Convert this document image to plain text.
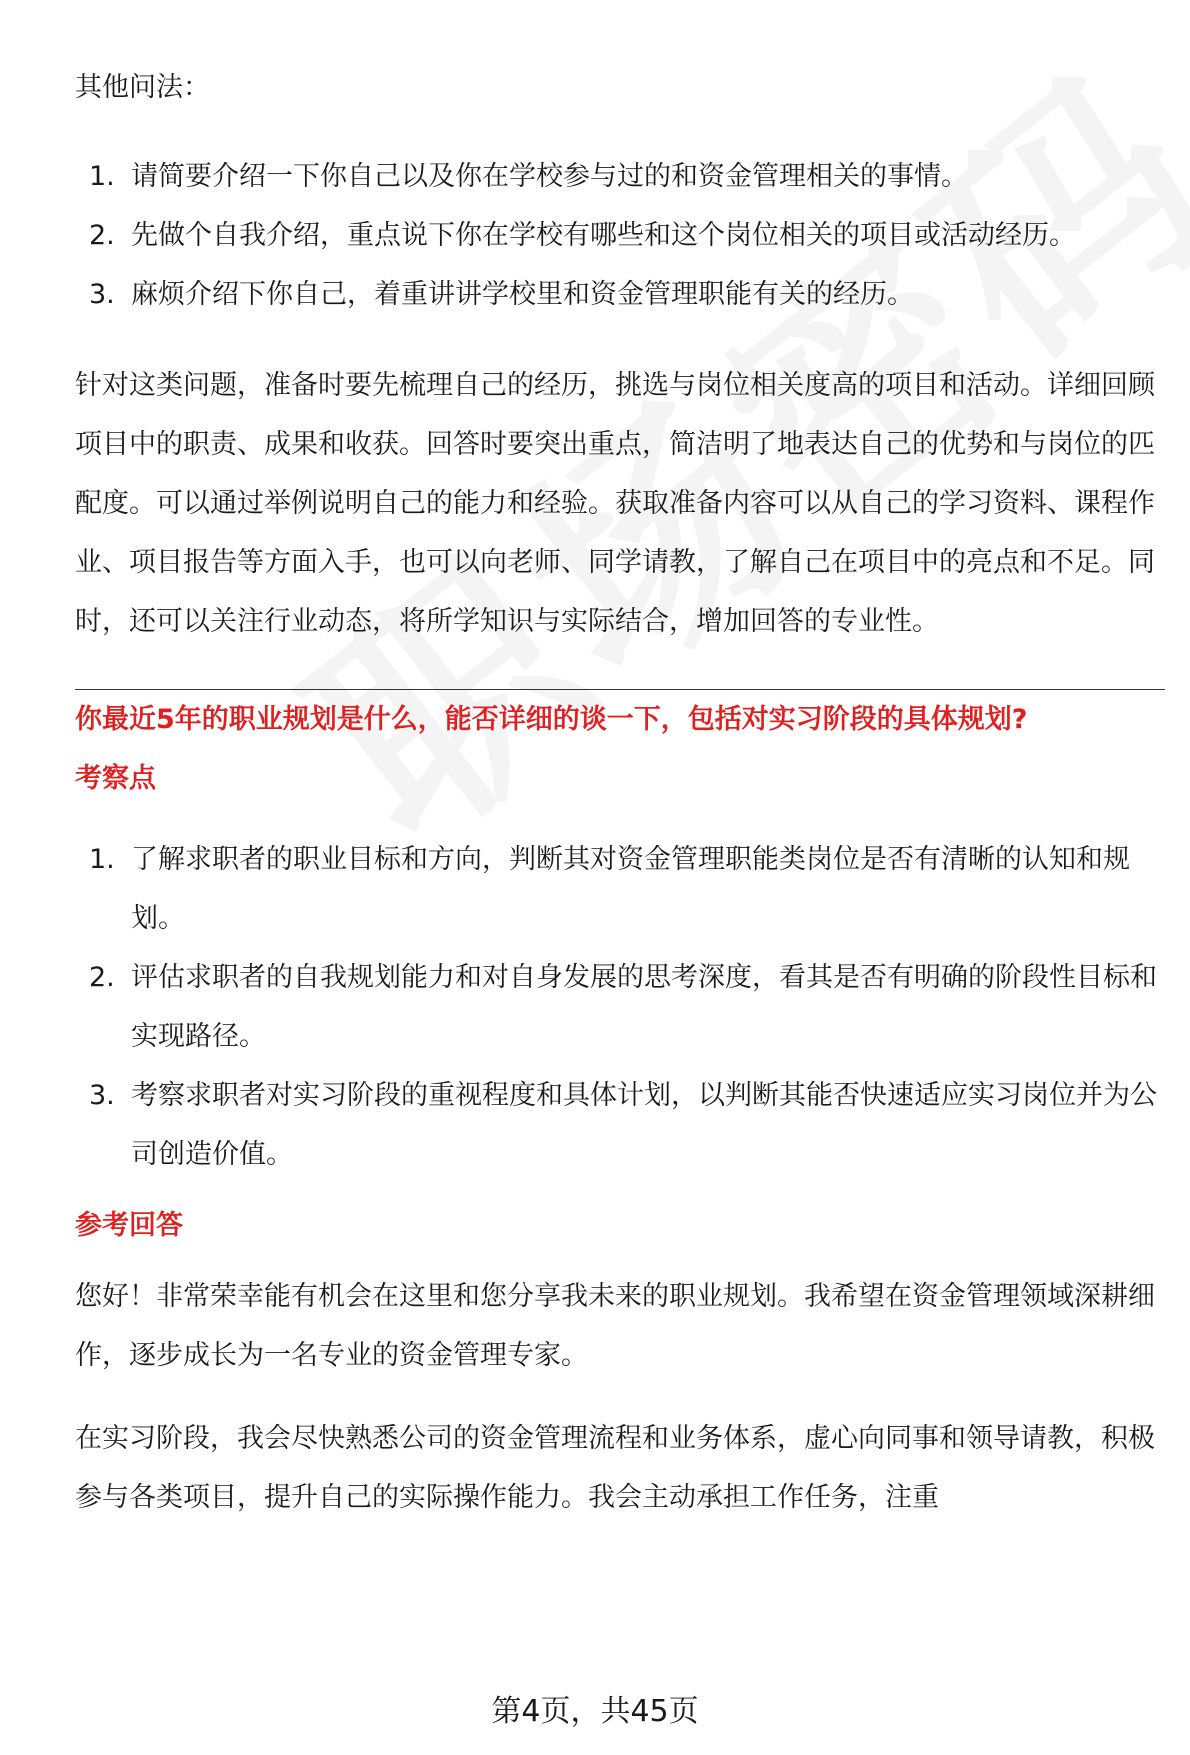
其他问法：

1. 请简要介绍一下你自己以及你在学校参与过的和资金管理相关的事情。
2. 先做个自我介绍，重点说下你在学校有哪些和这个岗位相关的项目或活动经历。
3. 麻烦介绍下你自己，着重讲讲学校里和资金管理职能有关的经历。

针对这类问题，准备时要先梳理自己的经历，挑选与岗位相关度高的项目和活动。详细回顾项目中的职责、成果和收获。回答时要突出重点，简洁明了地表达自己的优势和与岗位的匹配度。可以通过举例说明自己的能力和经验。获取准备内容可以从自己的学习资料、课程作业、项目报告等方面入手，也可以向老师、同学请教，了解自己在项目中的亮点和不足。同时，还可以关注行业动态，将所学知识与实际结合，增加回答的专业性。

你最近5年的职业规划是什么，能否详细的谈一下，包括对实习阶段的具体规划?

考察点

1. 了解求职者的职业目标和方向，判断其对资金管理职能类岗位是否有清晰的认知和规划。
2. 评估求职者的自我规划能力和对自身发展的思考深度，看其是否有明确的阶段性目标和实现路径。
3. 考察求职者对实习阶段的重视程度和具体计划，以判断其能否快速适应实习岗位并为公司创造价值。

参考回答

您好！非常荣幸能有机会在这里和您分享我未来的职业规划。我希望在资金管理领域深耕细作，逐步成长为一名专业的资金管理专家。

在实习阶段，我会尽快熟悉公司的资金管理流程和业务体系，虚心向同事和领导请教，积极参与各类项目，提升自己的实际操作能力。我会主动承担工作任务，注重

第4页，共45页
